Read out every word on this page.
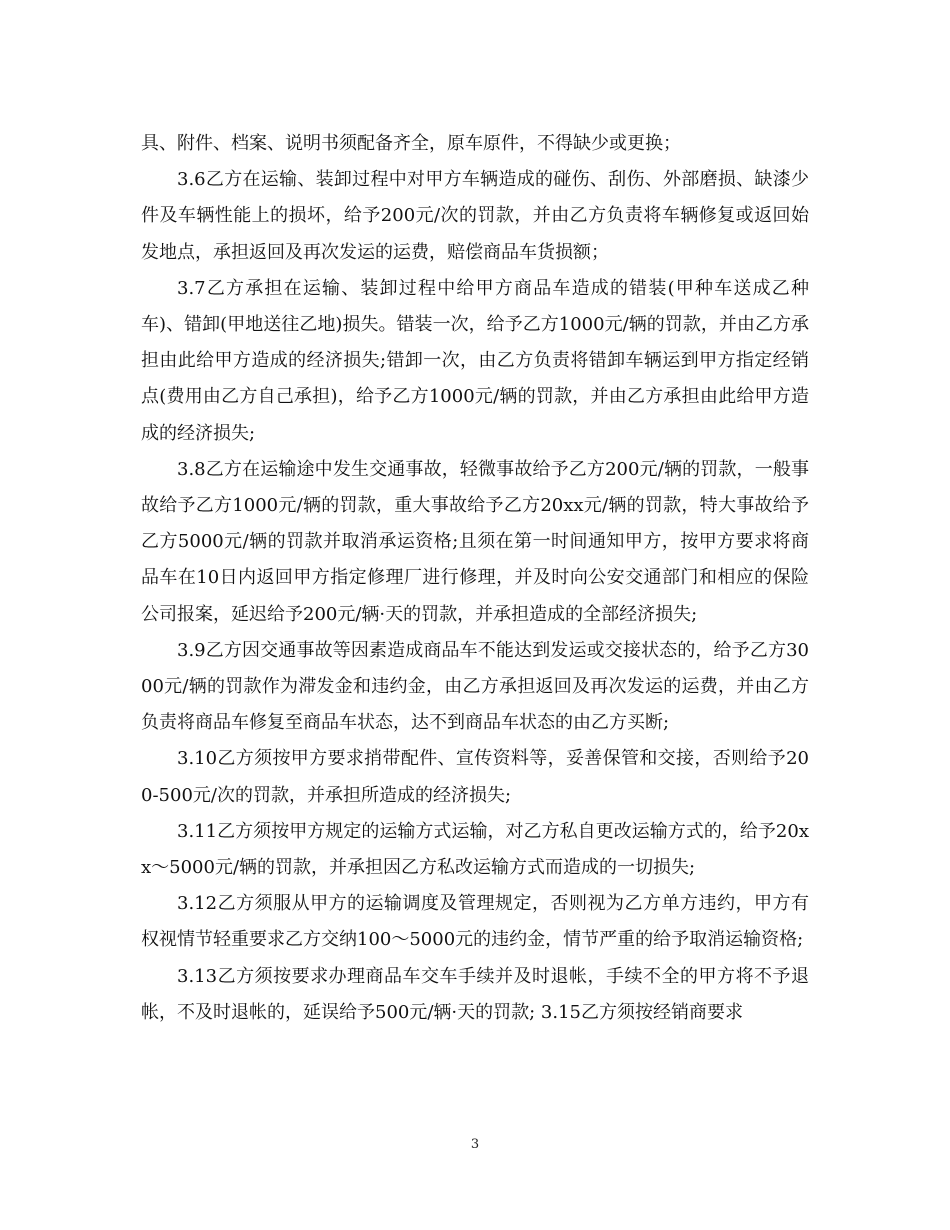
具、附件、档案、说明书须配备齐全，原车原件，不得缺少或更换；

3.6乙方在运输、装卸过程中对甲方车辆造成的碰伤、刮伤、外部磨损、缺漆少件及车辆性能上的损坏，给予200元/次的罚款，并由乙方负责将车辆修复或返回始发地点，承担返回及再次发运的运费，赔偿商品车货损额；

3.7乙方承担在运输、装卸过程中给甲方商品车造成的错装(甲种车送成乙种车)、错卸(甲地送往乙地)损失。错装一次，给予乙方1000元/辆的罚款，并由乙方承担由此给甲方造成的经济损失;错卸一次，由乙方负责将错卸车辆运到甲方指定经销点(费用由乙方自己承担)，给予乙方1000元/辆的罚款，并由乙方承担由此给甲方造成的经济损失;

3.8乙方在运输途中发生交通事故，轻微事故给予乙方200元/辆的罚款，一般事故给予乙方1000元/辆的罚款，重大事故给予乙方20xx元/辆的罚款，特大事故给予乙方5000元/辆的罚款并取消承运资格;且须在第一时间通知甲方，按甲方要求将商品车在10日内返回甲方指定修理厂进行修理，并及时向公安交通部门和相应的保险公司报案，延迟给予200元/辆·天的罚款，并承担造成的全部经济损失;

3.9乙方因交通事故等因素造成商品车不能达到发运或交接状态的，给予乙方3000元/辆的罚款作为滞发金和违约金，由乙方承担返回及再次发运的运费，并由乙方负责将商品车修复至商品车状态，达不到商品车状态的由乙方买断;

3.10乙方须按甲方要求捎带配件、宣传资料等，妥善保管和交接，否则给予200-500元/次的罚款，并承担所造成的经济损失;

3.11乙方须按甲方规定的运输方式运输，对乙方私自更改运输方式的，给予20xx～5000元/辆的罚款，并承担因乙方私改运输方式而造成的一切损失;

3.12乙方须服从甲方的运输调度及管理规定，否则视为乙方单方违约，甲方有权视情节轻重要求乙方交纳100～5000元的违约金，情节严重的给予取消运输资格;

3.13乙方须按要求办理商品车交车手续并及时退帐，手续不全的甲方将不予退帐，不及时退帐的，延误给予500元/辆·天的罚款; 3.15乙方须按经销商要求

3
